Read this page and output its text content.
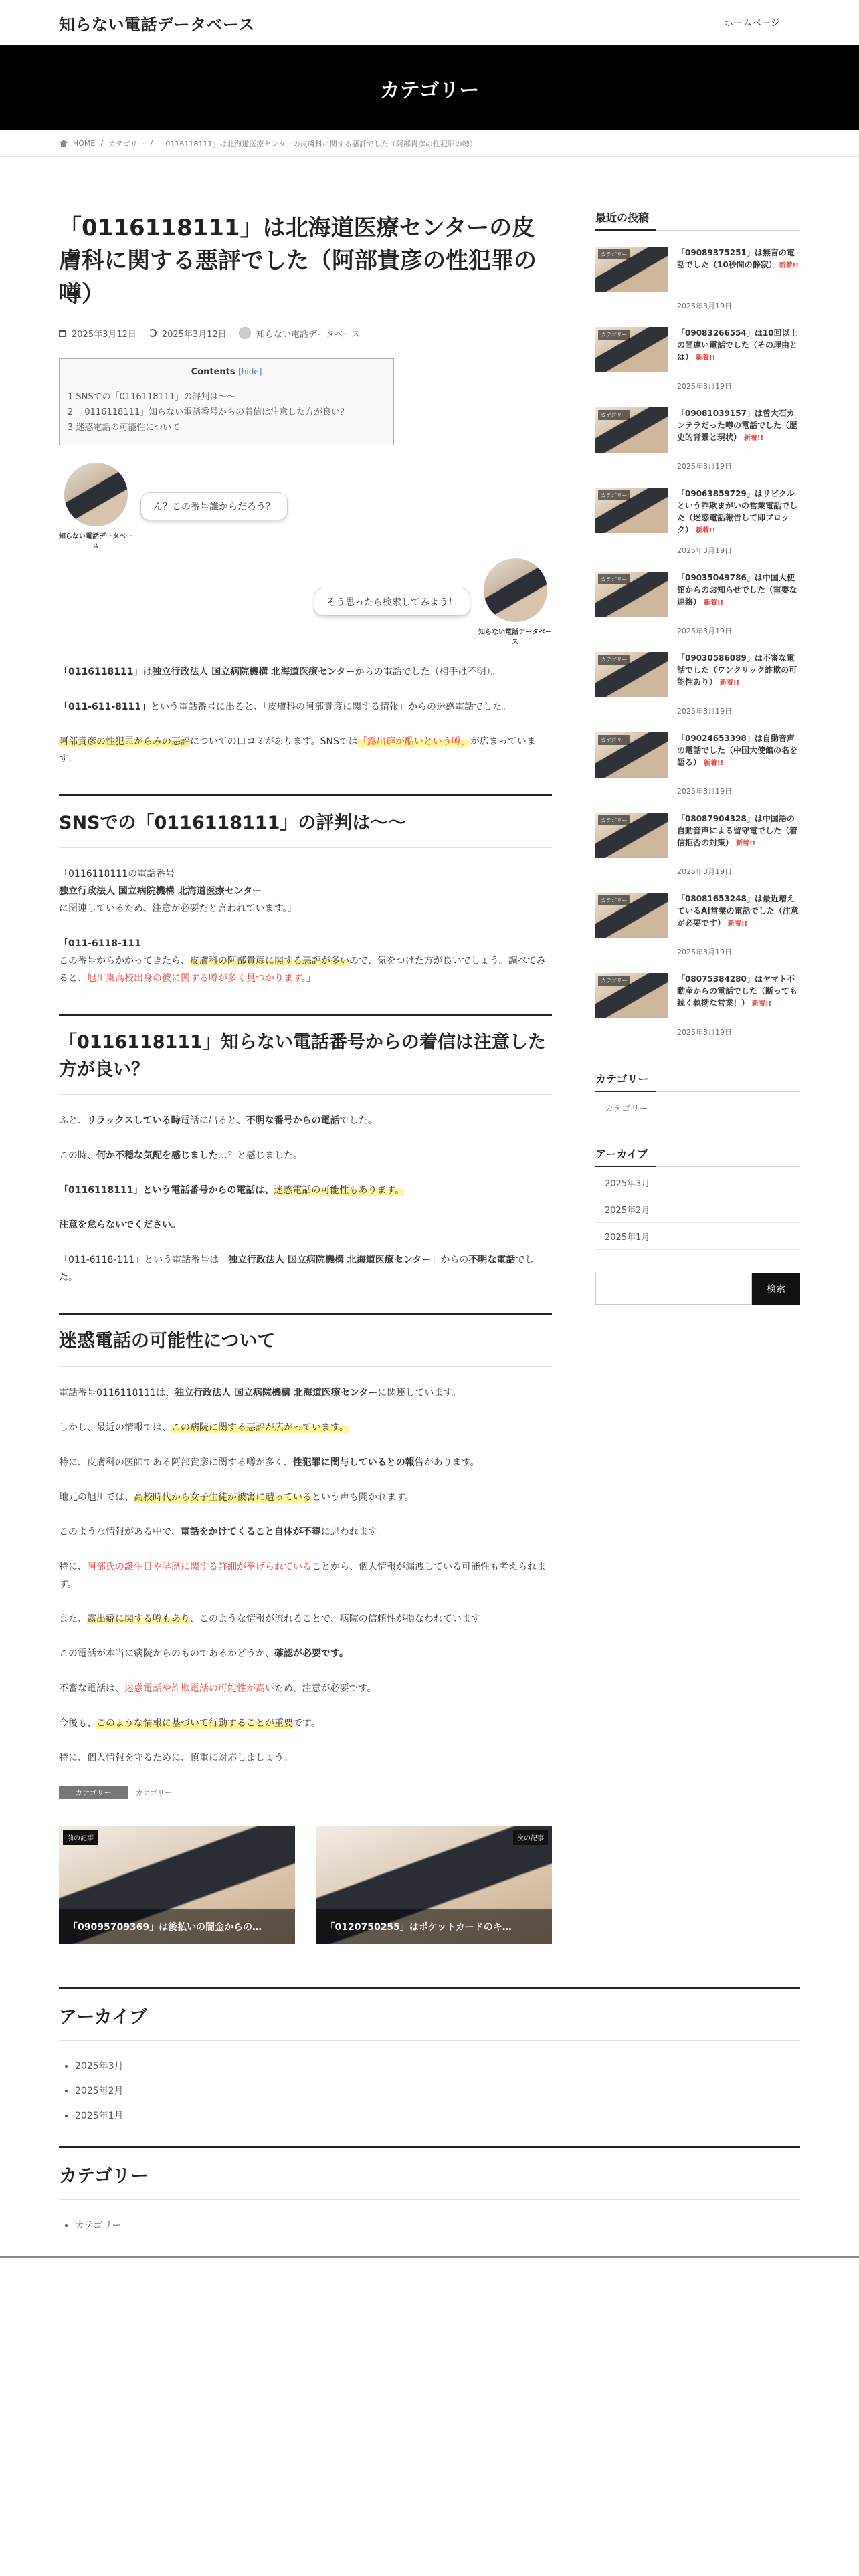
知らない電話データベース	ホームページ
カテゴリー
HOME / カテゴリー / 「0116118111」は北海道医療センターの皮膚科に関する悪評でした（阿部貴彦の性犯罪の噂）
「0116118111」は北海道医療センターの皮膚科に関する悪評でした（阿部貴彦の性犯罪の噂）
2025年3月12日	2025年3月12日	知らない電話データベース
Contents [hide]
1 SNSでの「0116118111」の評判は〜〜
2 「0116118111」知らない電話番号からの着信は注意した方が良い？
3 迷惑電話の可能性について
知らない電話データベース
ん？この番号誰からだろう？
そう思ったら検索してみよう！
知らない電話データベース

「0116118111」は独立行政法人 国立病院機構 北海道医療センターからの電話でした（相手は不明）。

「011-611-8111」という電話番号に出ると、「皮膚科の阿部貴彦に関する情報」からの迷惑電話でした。

阿部貴彦の性犯罪がらみの悪評についての口コミがあります。SNSでは「露出癖が酷いという噂」が広まっています。

SNSでの「0116118111」の評判は〜〜

「0116118111の電話番号
独立行政法人 国立病院機構 北海道医療センター
に関連しているため、注意が必要だと言われています。」

「011-6118-111
この番号からかかってきたら、皮膚科の阿部貴彦に関する悪評が多いので、気をつけた方が良いでしょう。調べてみると、旭川東高校出身の彼に関する噂が多く見つかります。」

「0116118111」知らない電話番号からの着信は注意した方が良い？

ふと、リラックスしている時電話に出ると、不明な番号からの電話でした。

この時、何か不穏な気配を感じました…？と感じました。

「0116118111」という電話番号からの電話は、迷惑電話の可能性もあります。

注意を怠らないでください。

「011-6118-111」という電話番号は「独立行政法人 国立病院機構 北海道医療センター」からの不明な電話でした。

迷惑電話の可能性について

電話番号0116118111は、独立行政法人 国立病院機構 北海道医療センターに関連しています。

しかし、最近の情報では、この病院に関する悪評が広がっています。

特に、皮膚科の医師である阿部貴彦に関する噂が多く、性犯罪に関与しているとの報告があります。

地元の旭川では、高校時代から女子生徒が被害に遭っているという声も聞かれます。

このような情報がある中で、電話をかけてくること自体が不審に思われます。

特に、阿部氏の誕生日や学歴に関する詳細が挙げられていることから、個人情報が漏洩している可能性も考えられます。

また、露出癖に関する噂もあり、このような情報が流れることで、病院の信頼性が損なわれています。

この電話が本当に病院からのものであるかどうか、確認が必要です。

不審な電話は、迷惑電話や詐欺電話の可能性が高いため、注意が必要です。

今後も、このような情報に基づいて行動することが重要です。

特に、個人情報を守るために、慎重に対応しましょう。

カテゴリー	カテゴリー
前の記事
「09095709369」は後払いの闇金からの…
次の記事
「0120750255」はポケットカードのキ…
最近の投稿
カテゴリー	「09089375251」は無言の電話でした（10秒間の静寂） 新着!!
2025年3月19日
カテゴリー	「09083266554」は10回以上の間違い電話でした（その理由とは） 新着!!
2025年3月19日
カテゴリー	「09081039157」は曽大石カンテラだった噂の電話でした（歴史的背景と現状） 新着!!
2025年3月19日
カテゴリー	「09063859729」はリビクルという詐欺まがいの営業電話でした（迷惑電話報告して即ブロック） 新着!!
2025年3月19日
カテゴリー	「09035049786」は中国大使館からのお知らせでした（重要な連絡） 新着!!
2025年3月19日
カテゴリー	「09030586089」は不審な電話でした（ワンクリック詐欺の可能性あり） 新着!!
2025年3月19日
カテゴリー	「09024653398」は自動音声の電話でした（中国大使館の名を語る） 新着!!
2025年3月19日
カテゴリー	「08087904328」は中国語の自動音声による留守電でした（着信拒否の対策） 新着!!
2025年3月19日
カテゴリー	「08081653248」は最近増えているAI営業の電話でした（注意が必要です） 新着!!
2025年3月19日
カテゴリー	「08075384280」はヤマト不動産からの電話でした（断っても続く執拗な営業！） 新着!!
2025年3月19日
カテゴリー
カテゴリー
アーカイブ
2025年3月
2025年2月
2025年1月
検索
アーカイブ
• 2025年3月
• 2025年2月
• 2025年1月
カテゴリー
• カテゴリー
